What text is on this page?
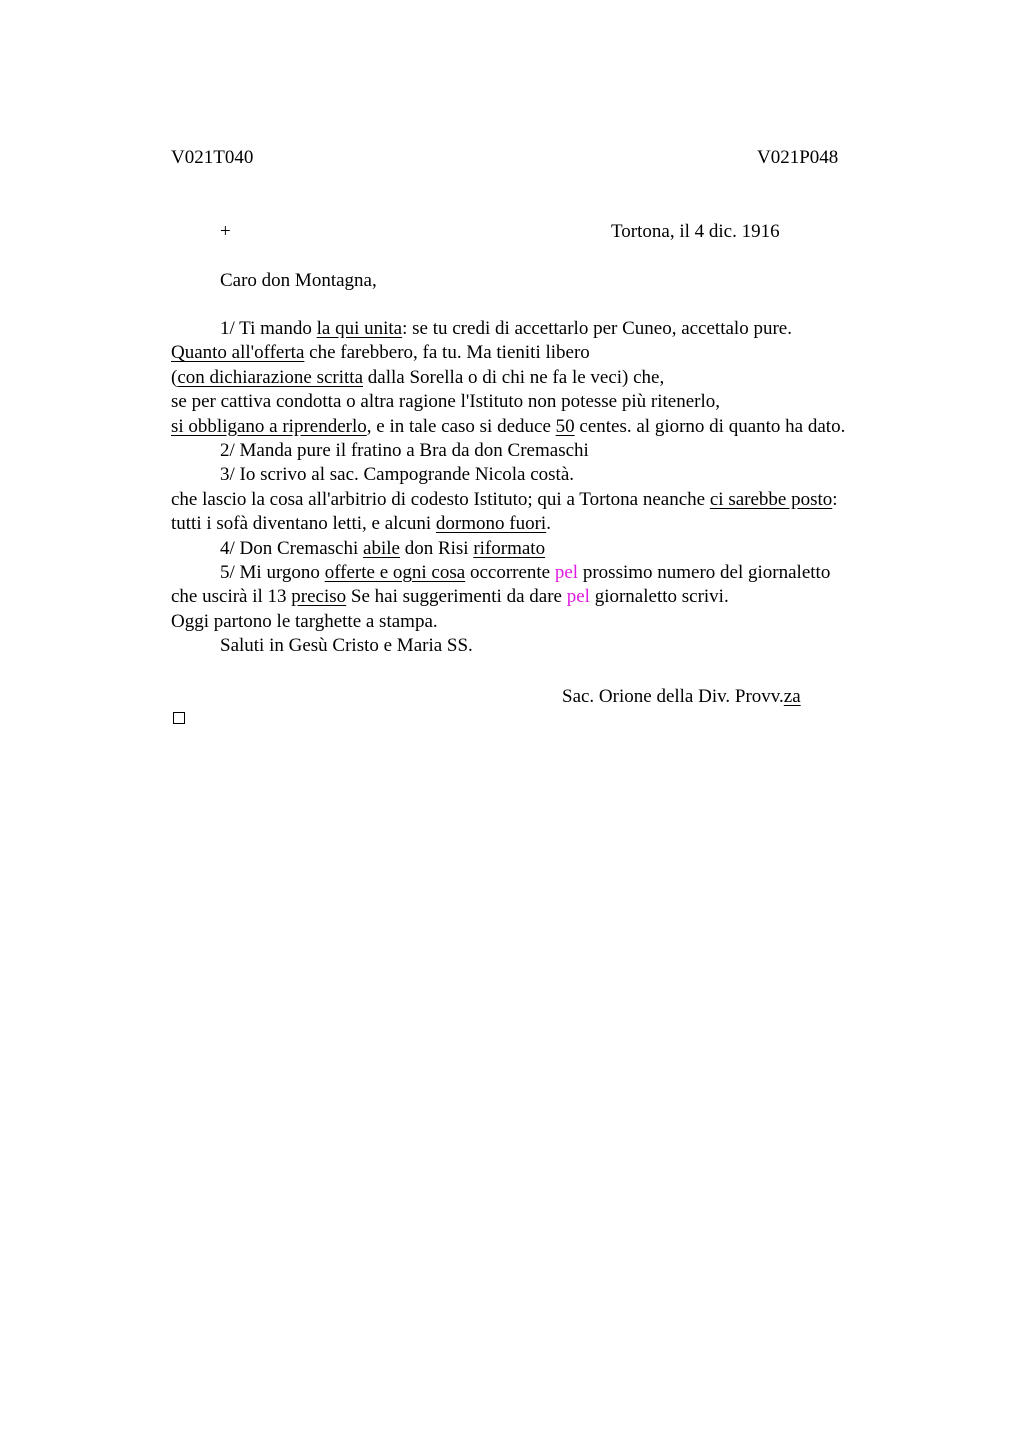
V021T040	V021P048
+	Tortona, il 4 dic. 1916
Caro don Montagna,
1/ Ti mando la qui unita: se tu credi di accettarlo per Cuneo, accettalo pure.
Quanto all'offerta che farebbero, fa tu. Ma tieniti libero
(con dichiarazione scritta dalla Sorella o di chi ne fa le veci) che,
se per cattiva condotta o altra ragione l'Istituto non potesse più ritenerlo,
si obbligano a riprenderlo, e in tale caso si deduce 50 centes. al giorno di quanto ha dato.
2/ Manda pure il fratino a Bra da don Cremaschi
3/ Io scrivo al sac. Campogrande Nicola costà.
che lascio la cosa all'arbitrio di codesto Istituto; qui a Tortona neanche ci sarebbe posto:
tutti i sofà diventano letti, e alcuni dormono fuori.
4/ Don Cremaschi abile don Risi riformato
5/ Mi urgono offerte e ogni cosa occorrente pel prossimo numero del giornaletto
che uscirà il 13 preciso Se hai suggerimenti da dare pel giornaletto scrivi.
Oggi partono le targhette a stampa.
Saluti in Gesù Cristo e Maria SS.
Sac. Orione della Div. Provv.za
